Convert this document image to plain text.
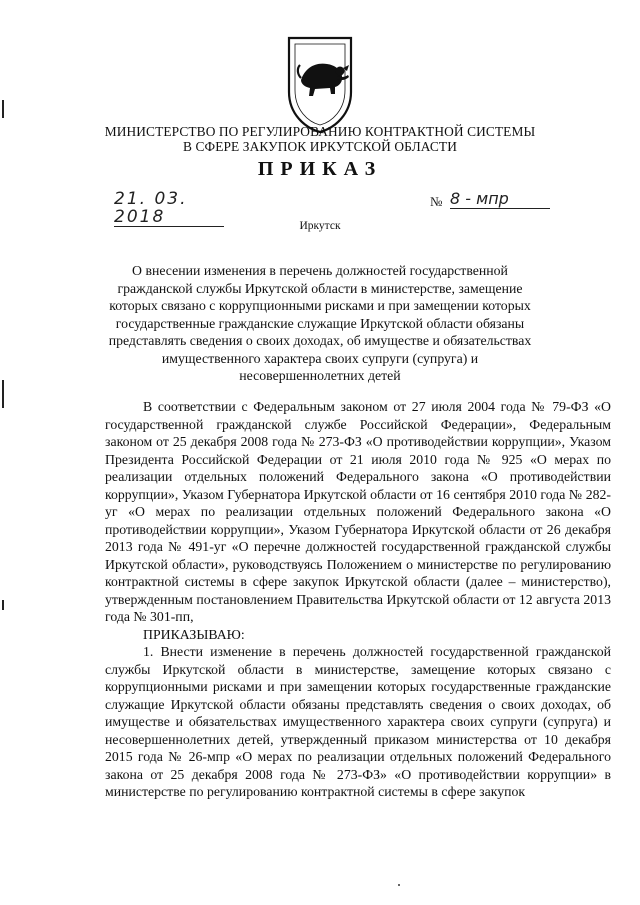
МИНИСТЕРСТВО ПО РЕГУЛИРОВАНИЮ КОНТРАКТНОЙ СИСТЕМЫ
В СФЕРЕ ЗАКУПОК ИРКУТСКОЙ ОБЛАСТИ
ПРИКАЗ
21. 03. 2018
№ 8 - мпр
Иркутск
О внесении изменения в перечень должностей государственной гражданской службы Иркутской области в министерстве, замещение которых связано с коррупционными рисками и при замещении которых государственные гражданские служащие Иркутской области обязаны представлять сведения о своих доходах, об имуществе и обязательствах имущественного характера своих супруги (супруга) и несовершеннолетних детей

В соответствии с Федеральным законом от 27 июля 2004 года № 79-ФЗ «О государственной гражданской службе Российской Федерации», Федеральным законом от 25 декабря 2008 года № 273-ФЗ «О противодействии коррупции», Указом Президента Российской Федерации от 21 июля 2010 года № 925 «О мерах по реализации отдельных положений Федерального закона «О противодействии коррупции», Указом Губернатора Иркутской области от 16 сентября 2010 года № 282-уг «О мерах по реализации отдельных положений Федерального закона «О противодействии коррупции», Указом Губернатора Иркутской области от 26 декабря 2013 года № 491-уг «О перечне должностей государственной гражданской службы Иркутской области», руководствуясь Положением о министерстве по регулированию контрактной системы в сфере закупок Иркутской области (далее – министерство), утвержденным постановлением Правительства Иркутской области от 12 августа 2013 года № 301-пп,

ПРИКАЗЫВАЮ:

1. Внести изменение в перечень должностей государственной гражданской службы Иркутской области в министерстве, замещение которых связано с коррупционными рисками и при замещении которых государственные гражданские служащие Иркутской области обязаны представлять сведения о своих доходах, об имуществе и обязательствах имущественного характера своих супруги (супруга) и несовершеннолетних детей, утвержденный приказом министерства от 10 декабря 2015 года № 26-мпр «О мерах по реализации отдельных положений Федерального закона от 25 декабря 2008 года № 273-ФЗ» «О противодействии коррупции» в министерстве по регулированию контрактной системы в сфере закупок
